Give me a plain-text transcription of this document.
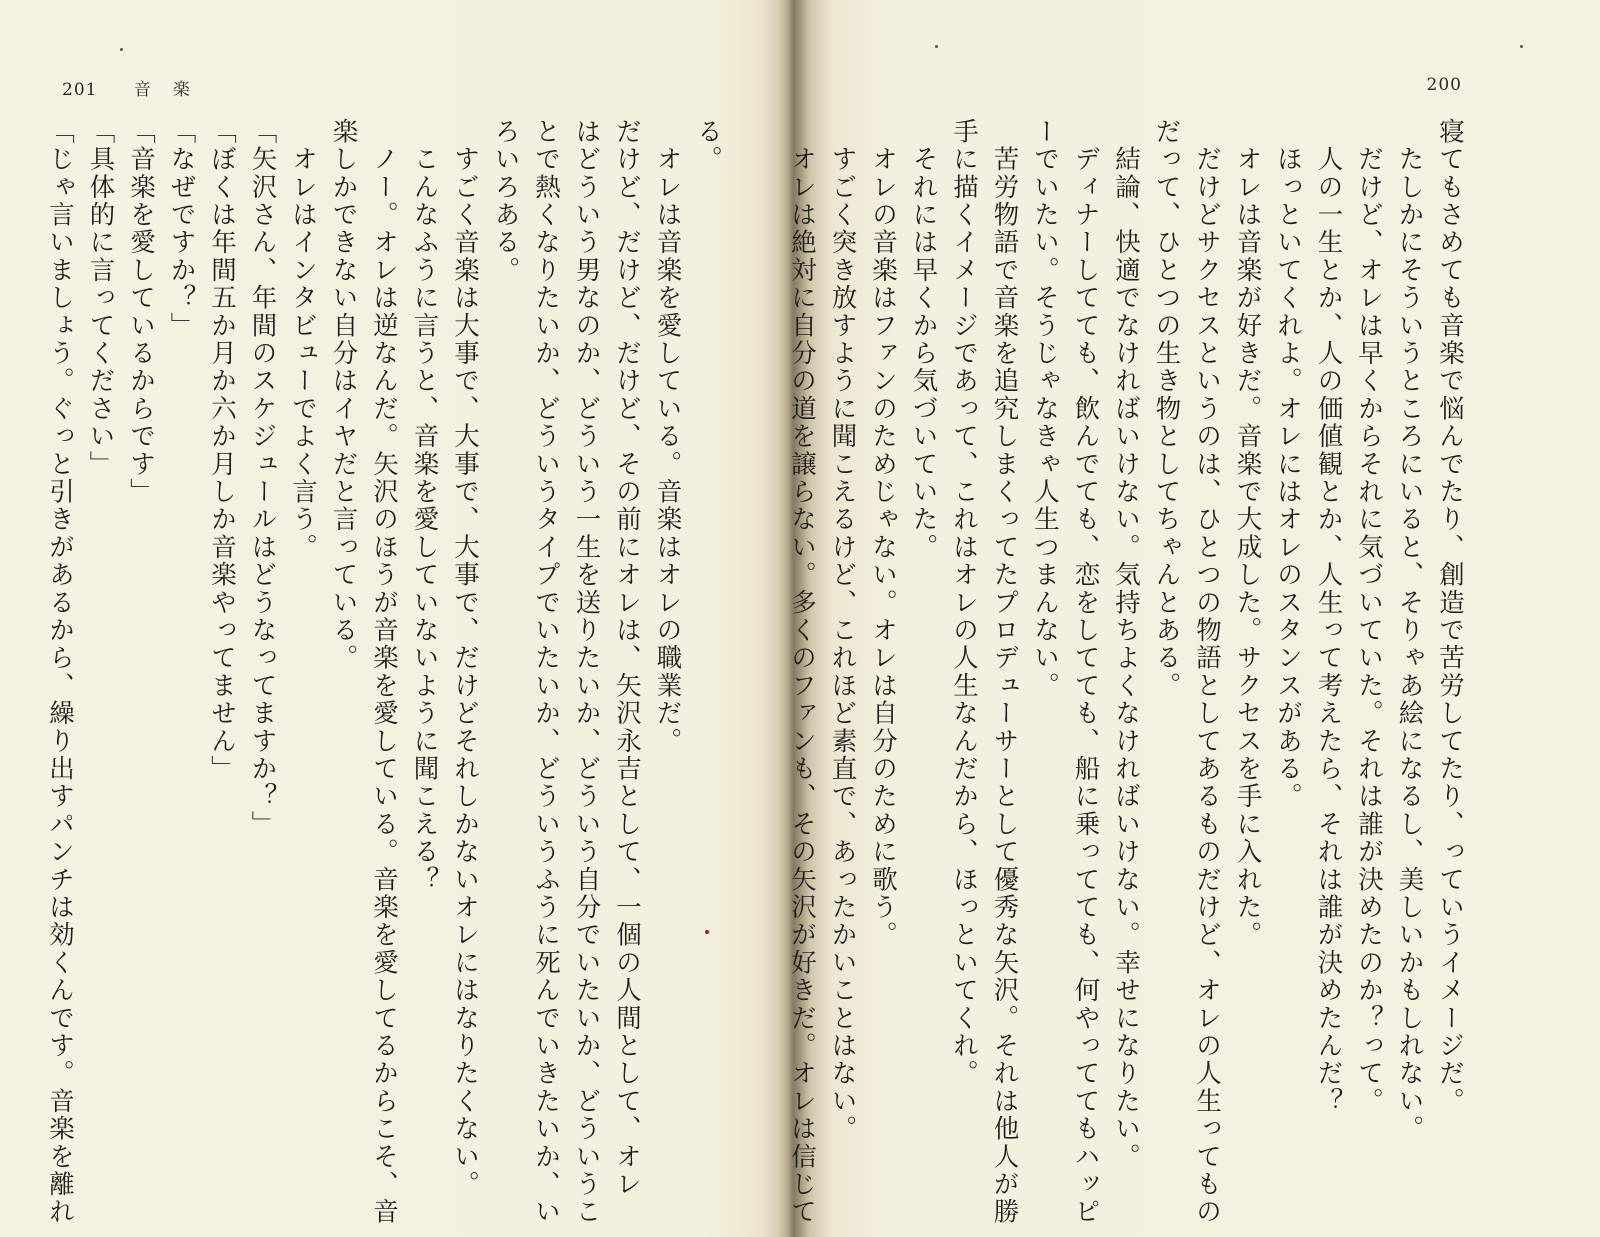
201 音楽
る。
　オレは音楽を愛している。音楽はオレの職業だ。
だけど、だけど、だけど、その前にオレは、矢沢永吉として、一個の人間として、オレ
はどういう男なのか、どういう一生を送りたいか、どういう自分でいたいか、どういうこ
とで熱くなりたいか、どういうタイプでいたいか、どういうふうに死んでいきたいか、い
ろいろある。
　すごく音楽は大事で、大事で、大事で、だけどそれしかないオレにはなりたくない。
　こんなふうに言うと、音楽を愛していないように聞こえる？
　ノー。オレは逆なんだ。矢沢のほうが音楽を愛している。音楽を愛してるからこそ、音
楽しかできない自分はイヤだと言っている。
　オレはインタビューでよく言う。
「矢沢さん、年間のスケジュールはどうなってますか？」
「ぼくは年間五か月か六か月しか音楽やってません」
「なぜですか？」
「音楽を愛しているからです」
「具体的に言ってください」
「じゃ言いましょう。ぐっと引きがあるから、繰り出すパンチは効くんです。音楽を離れ
200
寝てもさめても音楽で悩んでたり、創造で苦労してたり、っていうイメージだ。
　たしかにそういうところにいると、そりゃあ絵になるし、美しいかもしれない。
　だけど、オレは早くからそれに気づいていた。それは誰が決めたのか？って。
　人の一生とか、人の価値観とか、人生って考えたら、それは誰が決めたんだ？
　ほっといてくれよ。オレにはオレのスタンスがある。
　オレは音楽が好きだ。音楽で大成した。サクセスを手に入れた。
　だけどサクセスというのは、ひとつの物語としてあるものだけど、オレの人生ってもの
だって、ひとつの生き物としてちゃんとある。
　結論、快適でなければいけない。気持ちよくなければいけない。幸せになりたい。
　ディナーしてても、飲んでても、恋をしてても、船に乗ってても、何やっててもハッピ
ーでいたい。そうじゃなきゃ人生つまんない。
　苦労物語で音楽を追究しまくってたプロデューサーとして優秀な矢沢。それは他人が勝
手に描くイメージであって、これはオレの人生なんだから、ほっといてくれ。
　それには早くから気づいていた。
　オレの音楽はファンのためじゃない。オレは自分のために歌う。
　すごく突き放すように聞こえるけど、これほど素直で、あったかいことはない。
　オレは絶対に自分の道を譲らない。多くのファンも、その矢沢が好きだ。オレは信じて
